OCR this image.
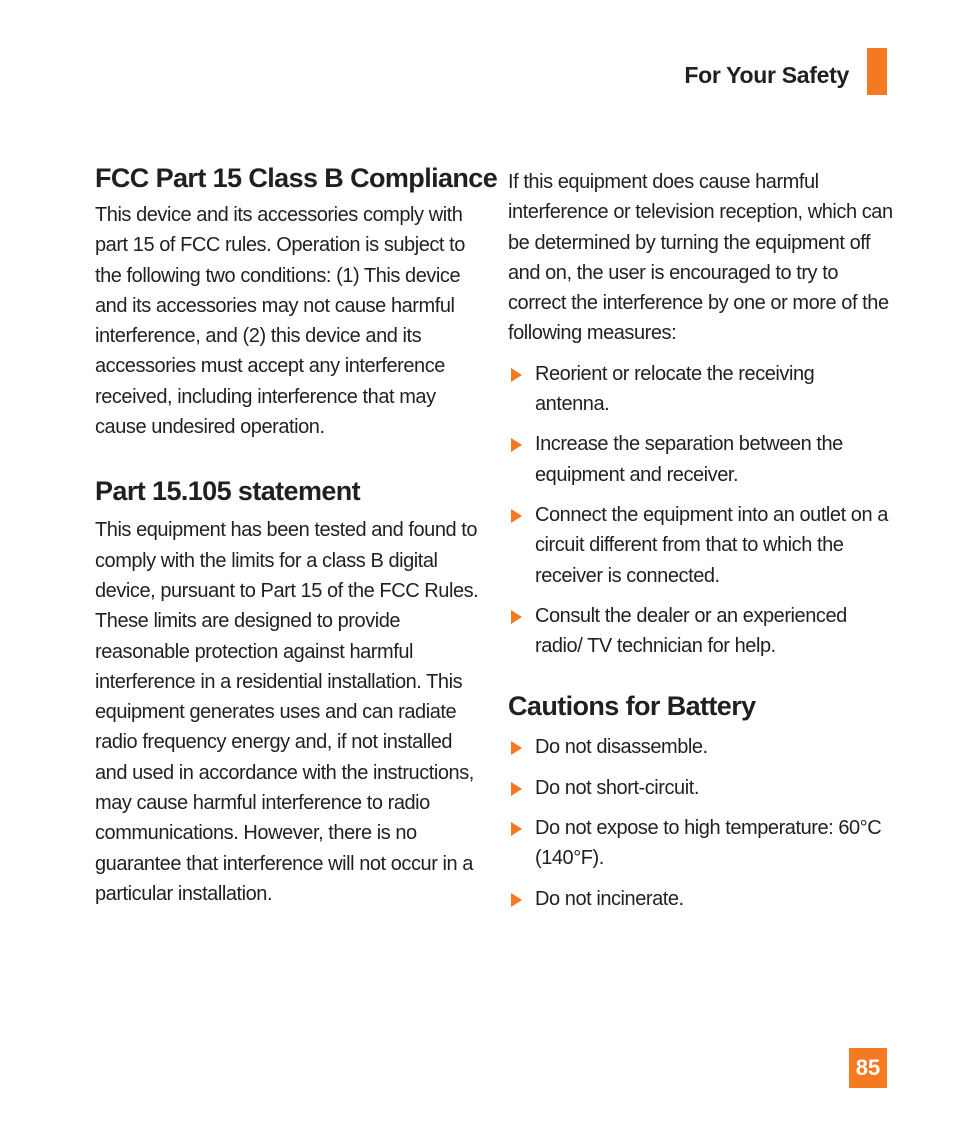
For Your Safety
FCC Part 15 Class B Compliance

This device and its accessories comply with part 15 of FCC rules. Operation is subject to the following two conditions: (1) This device and its accessories may not cause harmful interference, and (2) this device and its accessories must accept any interference received, including interference that may cause undesired operation.

Part 15.105 statement

This equipment has been tested and found to comply with the limits for a class B digital device, pursuant to Part 15 of the FCC Rules. These limits are designed to provide reasonable protection against harmful interference in a residential installation. This equipment generates uses and can radiate radio frequency energy and, if not installed and used in accordance with the instructions, may cause harmful interference to radio communications. However, there is no guarantee that interference will not occur in a particular installation.

If this equipment does cause harmful interference or television reception, which can be determined by turning the equipment off and on, the user is encouraged to try to correct the interference by one or more of the following measures:

Reorient or relocate the receiving antenna.
Increase the separation between the equipment and receiver.
Connect the equipment into an outlet on a circuit different from that to which the receiver is connected.
Consult the dealer or an experienced radio/ TV technician for help.
Cautions for Battery
Do not disassemble.
Do not short-circuit.
Do not expose to high temperature: 60°C (140°F).
Do not incinerate.
85
